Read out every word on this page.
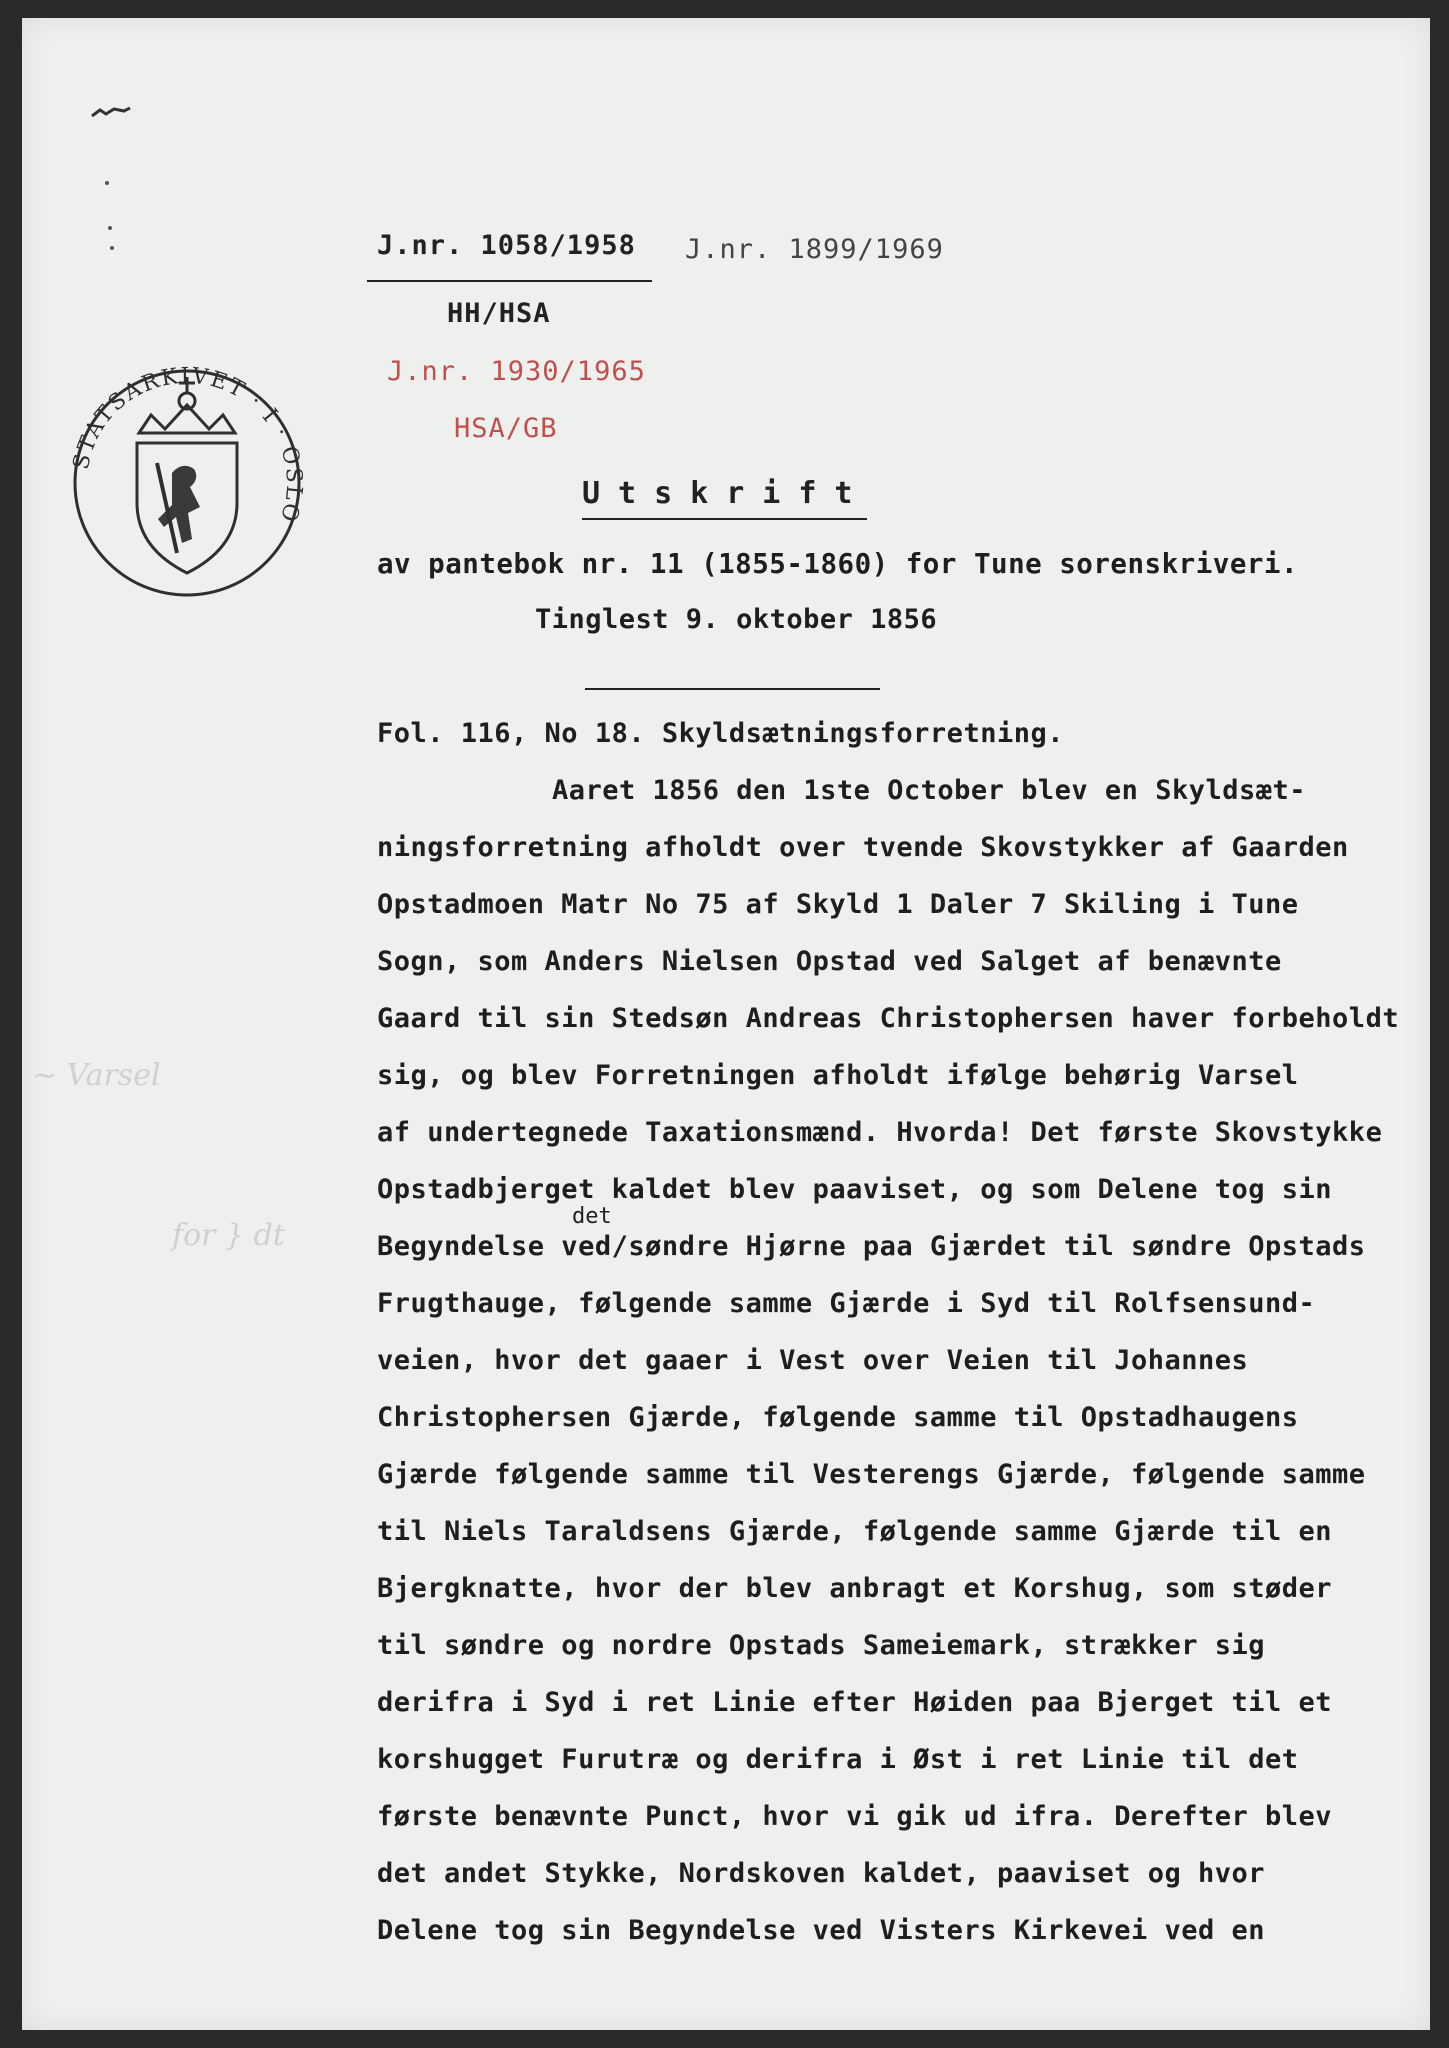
~ Varsel
for } dt
J.nr. 1058/1958 J.nr. 1899/1969
HH/HSA
J.nr. 1930/1965
HSA/GB
STATSARKIVET · I · OSLO
Utskrift
av pantebok nr. 11 (1855-1860) for Tune sorenskriveri.
Tinglest 9. oktober 1856
Fol. 116, No 18. Skyldsætningsforretning.
Aaret 1856 den 1ste October blev en Skyldsæt-
ningsforretning afholdt over tvende Skovstykker af Gaarden
Opstadmoen Matr No 75 af Skyld 1 Daler 7 Skiling i Tune
Sogn, som Anders Nielsen Opstad ved Salget af benævnte
Gaard til sin Stedsøn Andreas Christophersen haver forbeholdt
sig, og blev Forretningen afholdt ifølge behørig Varsel
af undertegnede Taxationsmænd. Hvorda! Det første Skovstykke
Opstadbjerget kaldet blev paaviset, og som Delene tog sin
det
Begyndelse ved/søndre Hjørne paa Gjærdet til søndre Opstads
Frugthauge, følgende samme Gjærde i Syd til Rolfsensund-
veien, hvor det gaaer i Vest over Veien til Johannes
Christophersen Gjærde, følgende samme til Opstadhaugens
Gjærde følgende samme til Vesterengs Gjærde, følgende samme
til Niels Taraldsens Gjærde, følgende samme Gjærde til en
Bjergknatte, hvor der blev anbragt et Korshug, som støder
til søndre og nordre Opstads Sameiemark, strækker sig
derifra i Syd i ret Linie efter Høiden paa Bjerget til et
korshugget Furutræ og derifra i Øst i ret Linie til det
første benævnte Punct, hvor vi gik ud ifra. Derefter blev
det andet Stykke, Nordskoven kaldet, paaviset og hvor
Delene tog sin Begyndelse ved Visters Kirkevei ved en
